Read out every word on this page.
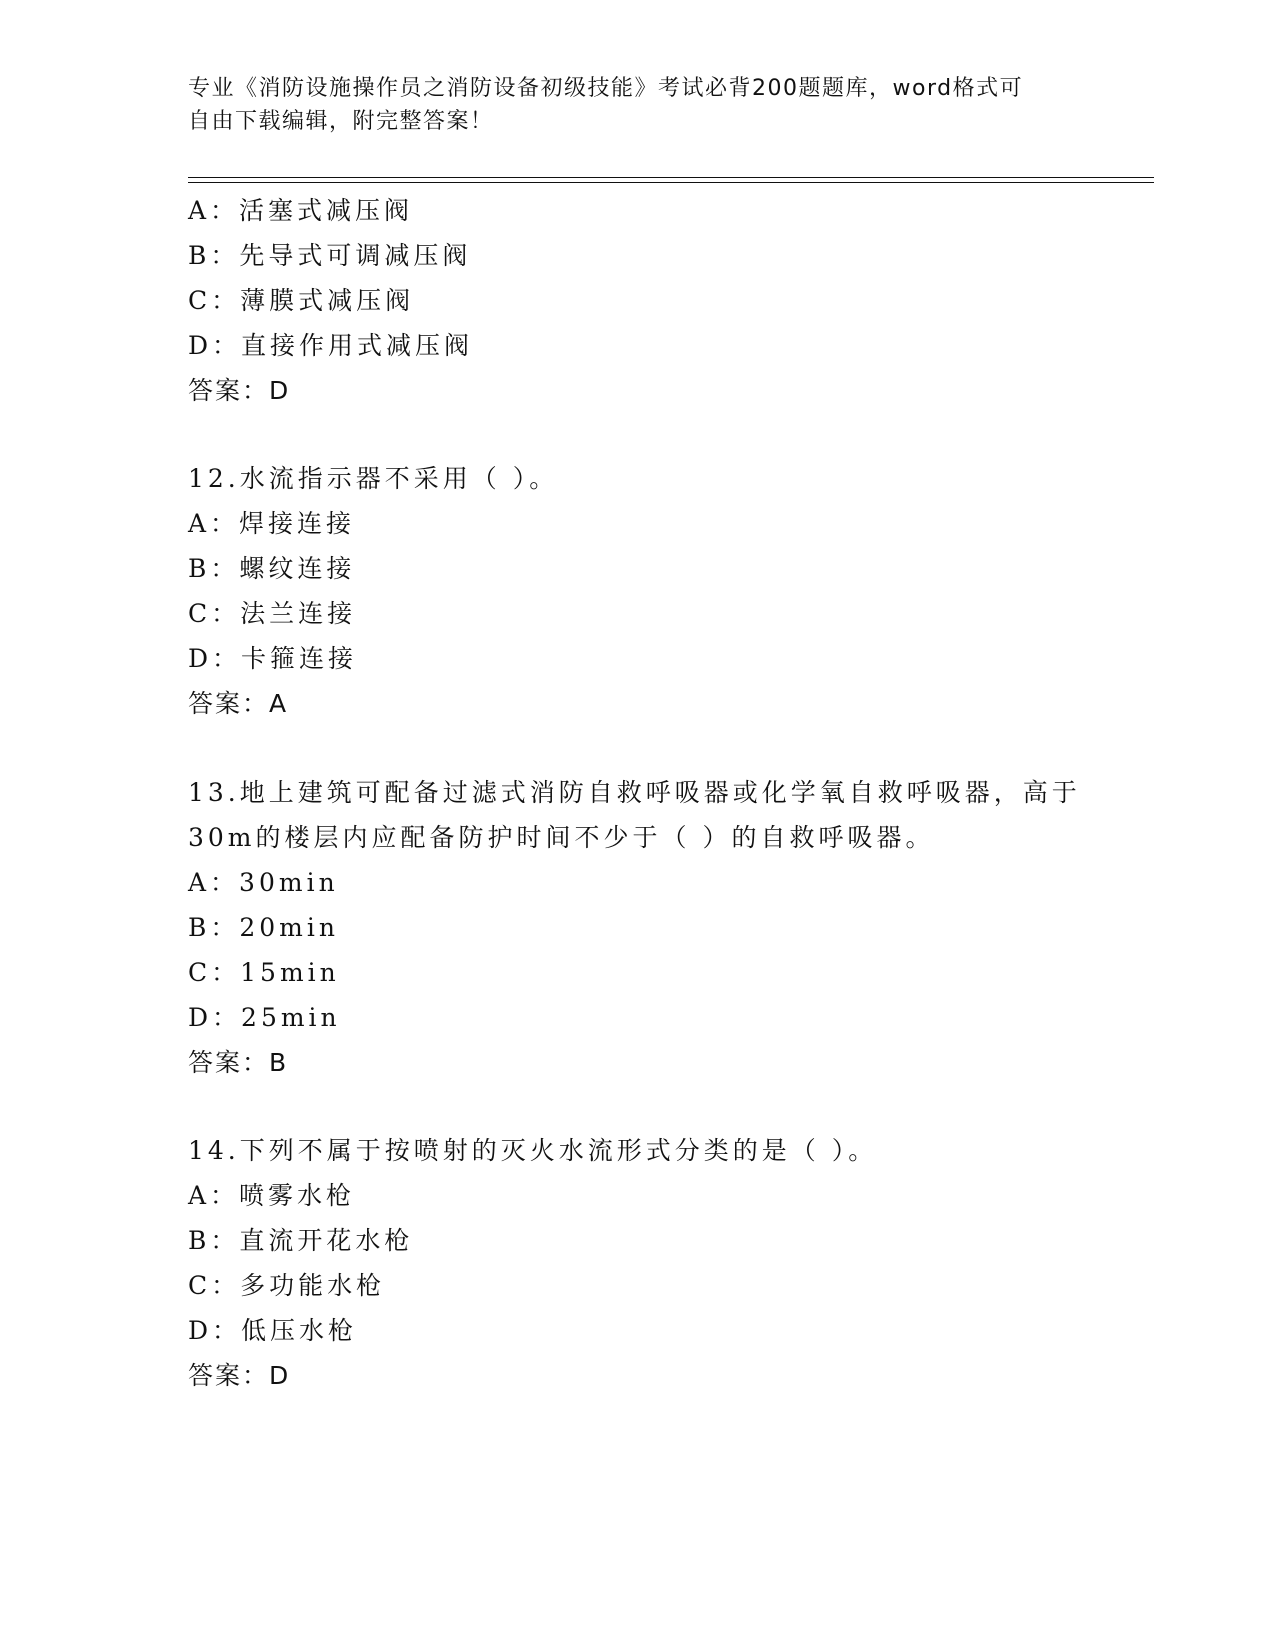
专业《消防设施操作员之消防设备初级技能》考试必背200题题库，word格式可
自由下载编辑，附完整答案！
A：活塞式减压阀
B：先导式可调减压阀
C：薄膜式减压阀
D：直接作用式减压阀
答案：D
12.水流指示器不采用（ ）。
A：焊接连接
B：螺纹连接
C：法兰连接
D：卡箍连接
答案：A
13.地上建筑可配备过滤式消防自救呼吸器或化学氧自救呼吸器，高于
30m的楼层内应配备防护时间不少于（ ）的自救呼吸器。
A：30min
B：20min
C：15min
D：25min
答案：B
14.下列不属于按喷射的灭火水流形式分类的是（ ）。
A：喷雾水枪
B：直流开花水枪
C：多功能水枪
D：低压水枪
答案：D
